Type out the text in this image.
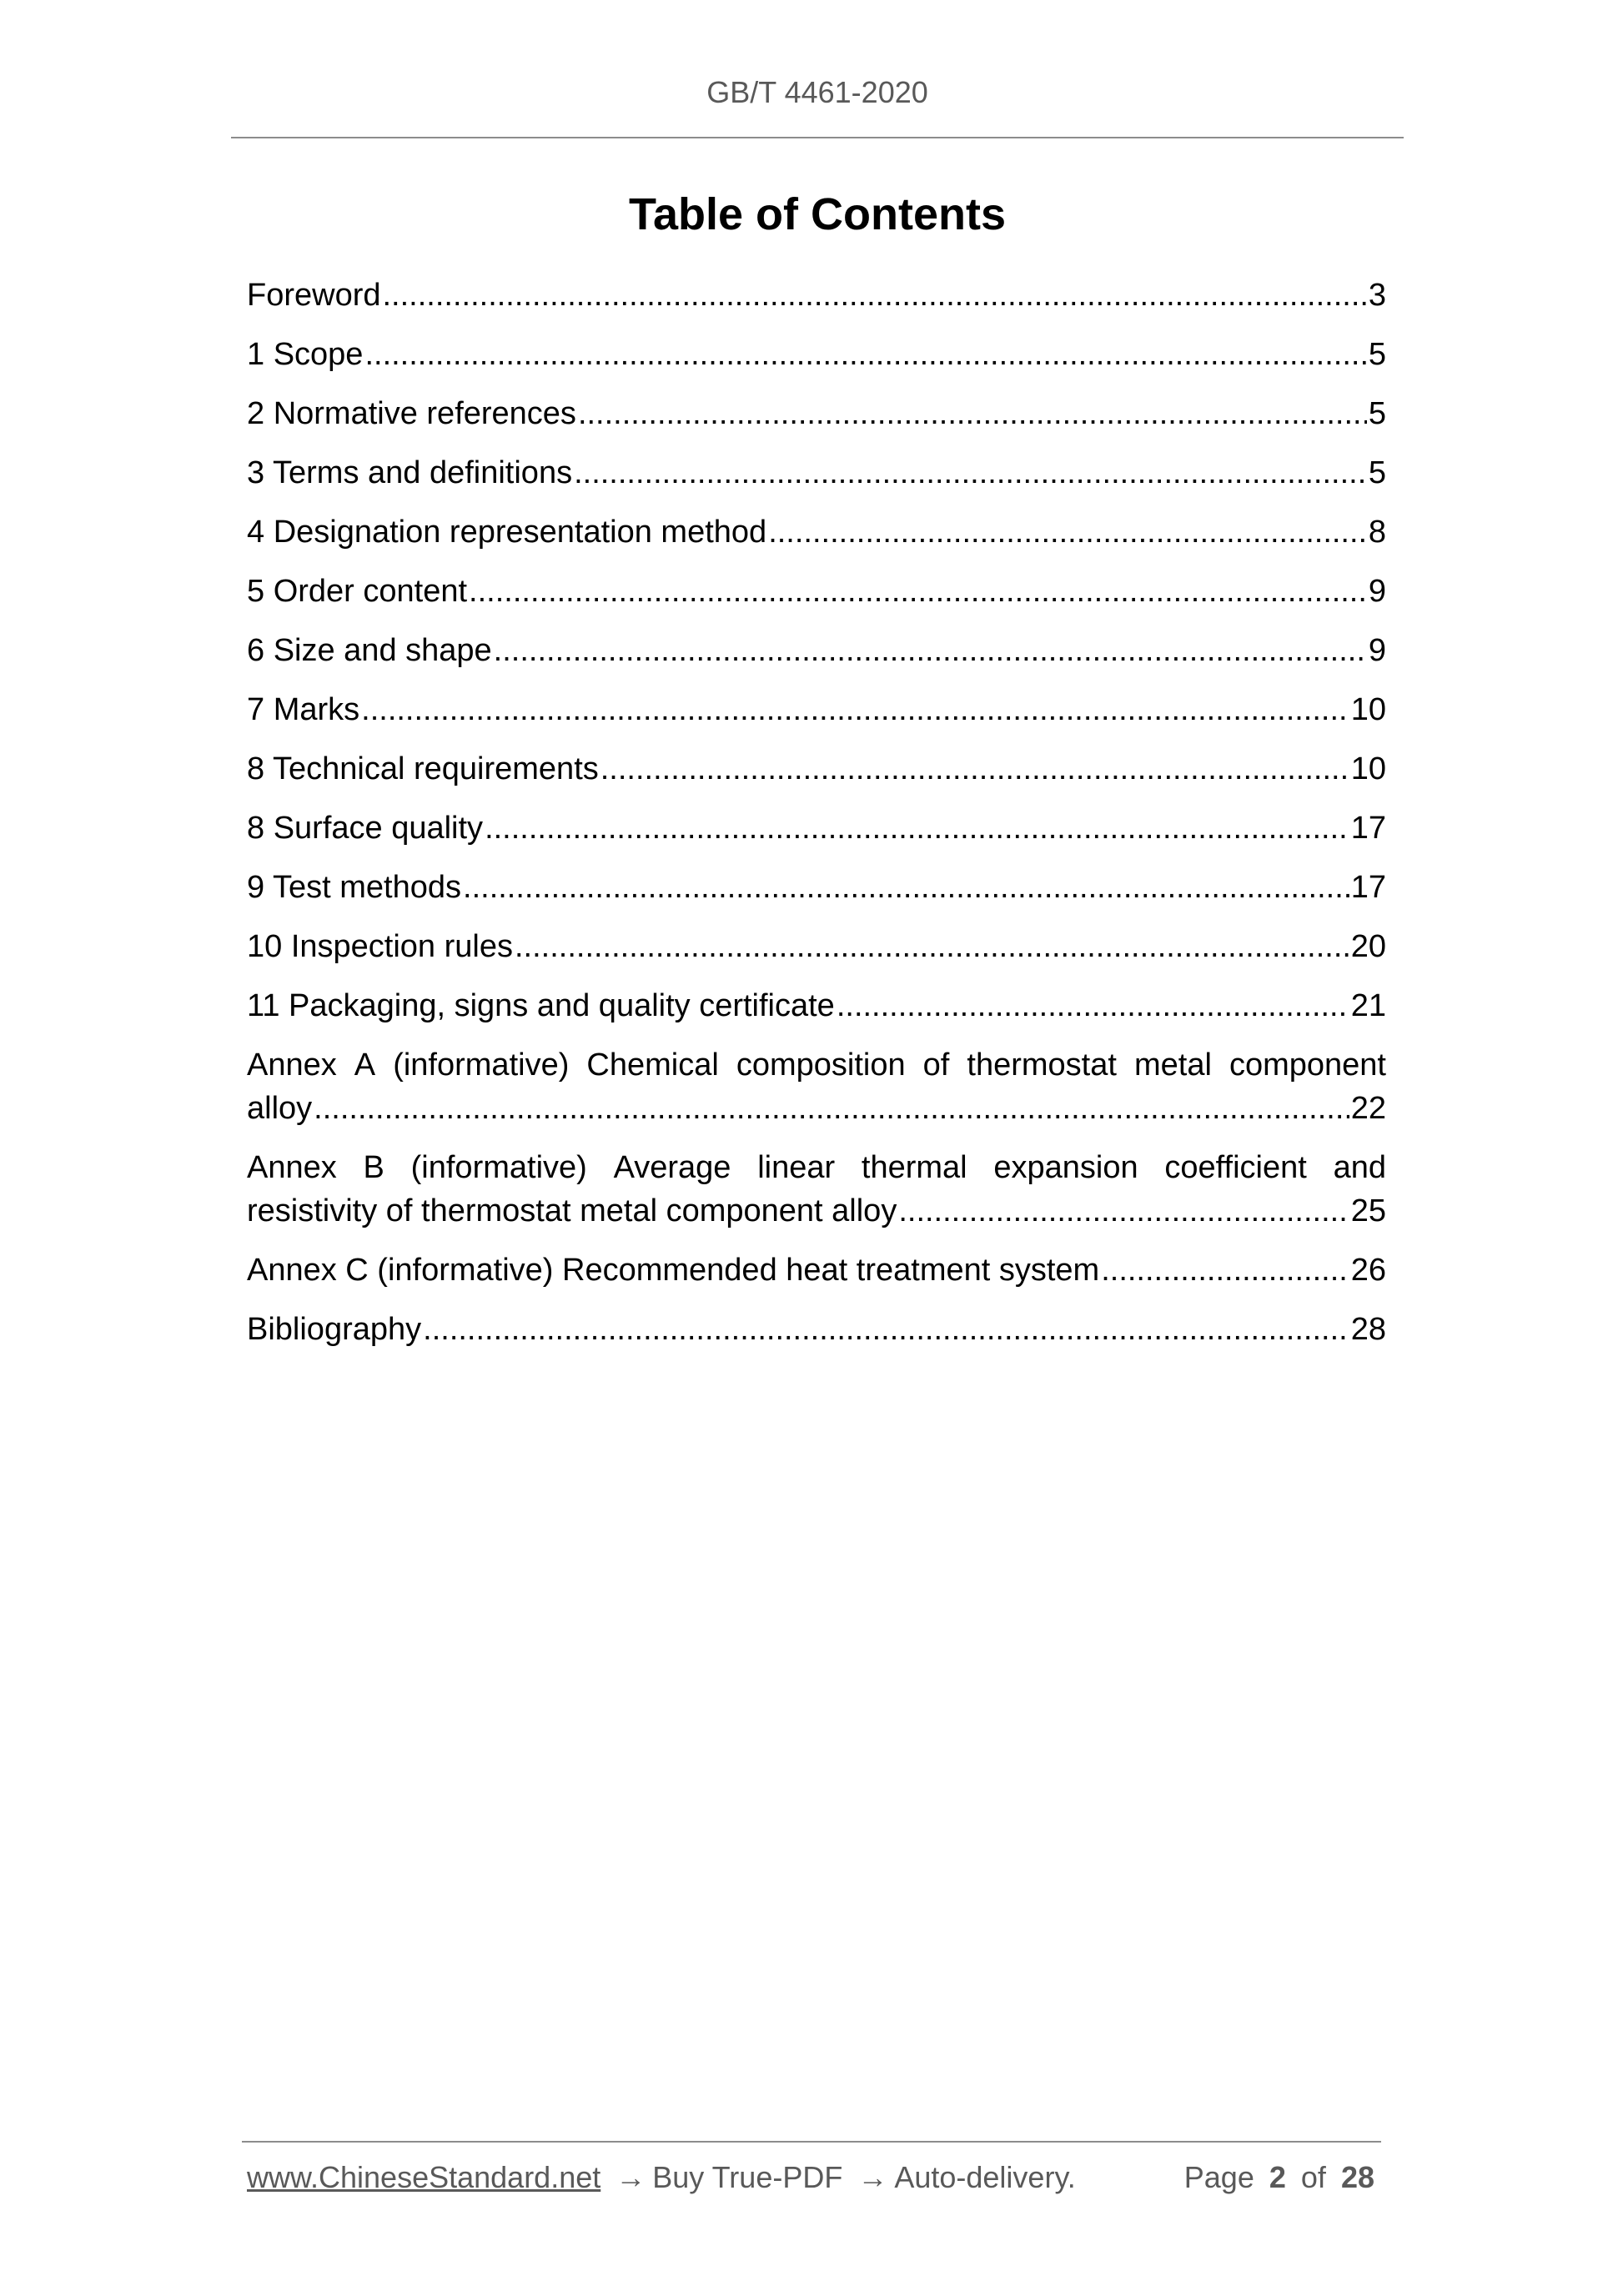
GB/T 4461-2020
Table of Contents
Foreword .....	3
1 Scope .....	5
2 Normative references .....	5
3 Terms and definitions .....	5
4 Designation representation method .....	8
5 Order content .....	9
6 Size and shape .....	9
7 Marks .....	10
8 Technical requirements .....	10
8 Surface quality .....	17
9 Test methods .....	17
10 Inspection rules .....	20
11 Packaging, signs and quality certificate .....	21
Annex A (informative) Chemical composition of thermostat metal component
alloy .....	22
Annex B (informative) Average linear thermal expansion coefficient and
resistivity of thermostat metal component alloy .....	25
Annex C (informative) Recommended heat treatment system .....	26
Bibliography .....	28
www.ChineseStandard.net → Buy True-PDF → Auto-delivery.	Page 2 of 28
